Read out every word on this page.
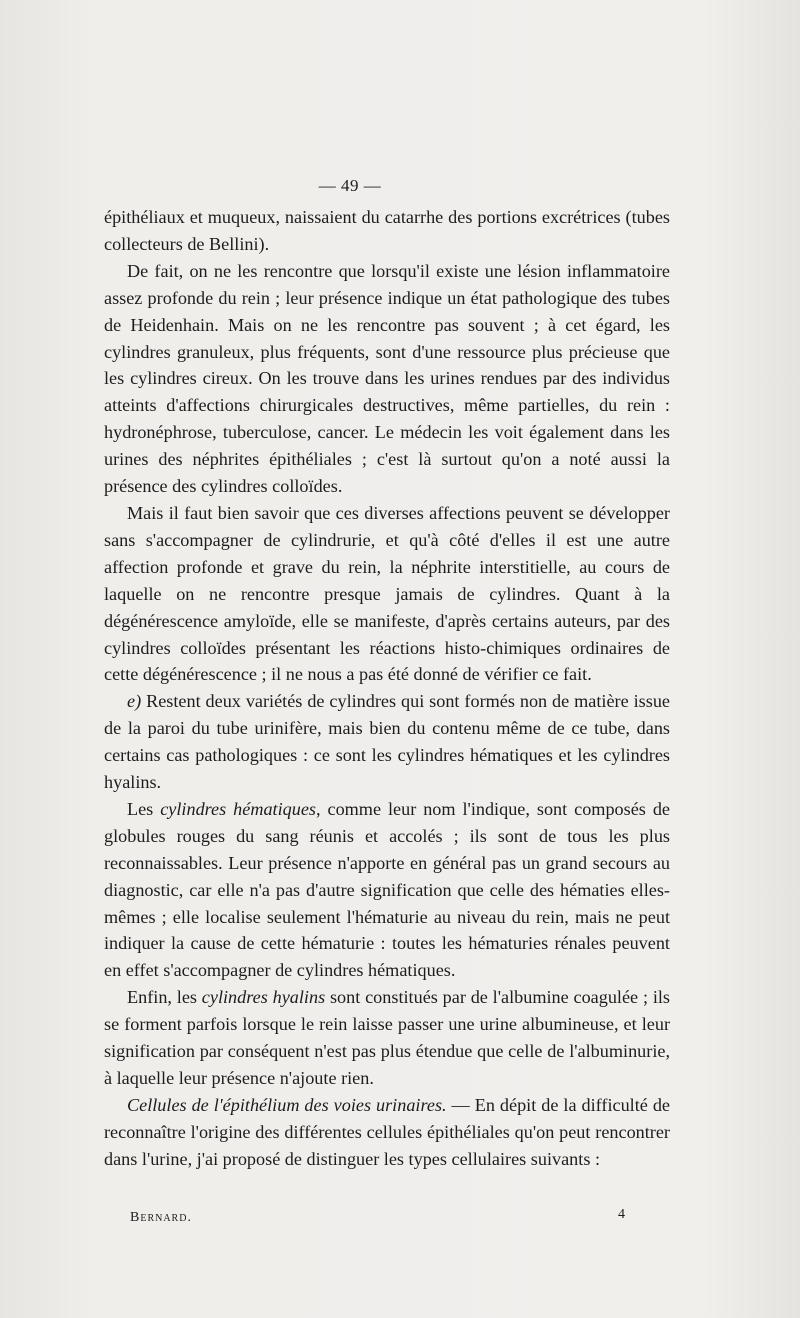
— 49 —

épithéliaux et muqueux, naissaient du catarrhe des portions excrétrices (tubes collecteurs de Bellini).

De fait, on ne les rencontre que lorsqu'il existe une lésion inflammatoire assez profonde du rein ; leur présence indique un état pathologique des tubes de Heidenhain. Mais on ne les rencontre pas souvent ; à cet égard, les cylindres granuleux, plus fréquents, sont d'une ressource plus précieuse que les cylindres cireux. On les trouve dans les urines rendues par des individus atteints d'affections chirurgicales destructives, même partielles, du rein : hydronéphrose, tuberculose, cancer. Le médecin les voit également dans les urines des néphrites épithéliales ; c'est là surtout qu'on a noté aussi la présence des cylindres colloïdes.

Mais il faut bien savoir que ces diverses affections peuvent se développer sans s'accompagner de cylindrurie, et qu'à côté d'elles il est une autre affection profonde et grave du rein, la néphrite interstitielle, au cours de laquelle on ne rencontre presque jamais de cylindres. Quant à la dégénérescence amyloïde, elle se manifeste, d'après certains auteurs, par des cylindres colloïdes présentant les réactions histo-chimiques ordinaires de cette dégénérescence ; il ne nous a pas été donné de vérifier ce fait.

e) Restent deux variétés de cylindres qui sont formés non de matière issue de la paroi du tube urinifère, mais bien du contenu même de ce tube, dans certains cas pathologiques : ce sont les cylindres hématiques et les cylindres hyalins.

Les cylindres hématiques, comme leur nom l'indique, sont composés de globules rouges du sang réunis et accolés ; ils sont de tous les plus reconnaissables. Leur présence n'apporte en général pas un grand secours au diagnostic, car elle n'a pas d'autre signification que celle des hématies elles-mêmes ; elle localise seulement l'hématurie au niveau du rein, mais ne peut indiquer la cause de cette hématurie : toutes les hématuries rénales peuvent en effet s'accompagner de cylindres hématiques.

Enfin, les cylindres hyalins sont constitués par de l'albumine coagulée ; ils se forment parfois lorsque le rein laisse passer une urine albumineuse, et leur signification par conséquent n'est pas plus étendue que celle de l'albuminurie, à laquelle leur présence n'ajoute rien.

Cellules de l'épithélium des voies urinaires. — En dépit de la difficulté de reconnaître l'origine des différentes cellules épithéliales qu'on peut rencontrer dans l'urine, j'ai proposé de distinguer les types cellulaires suivants :

Bernard.	4
